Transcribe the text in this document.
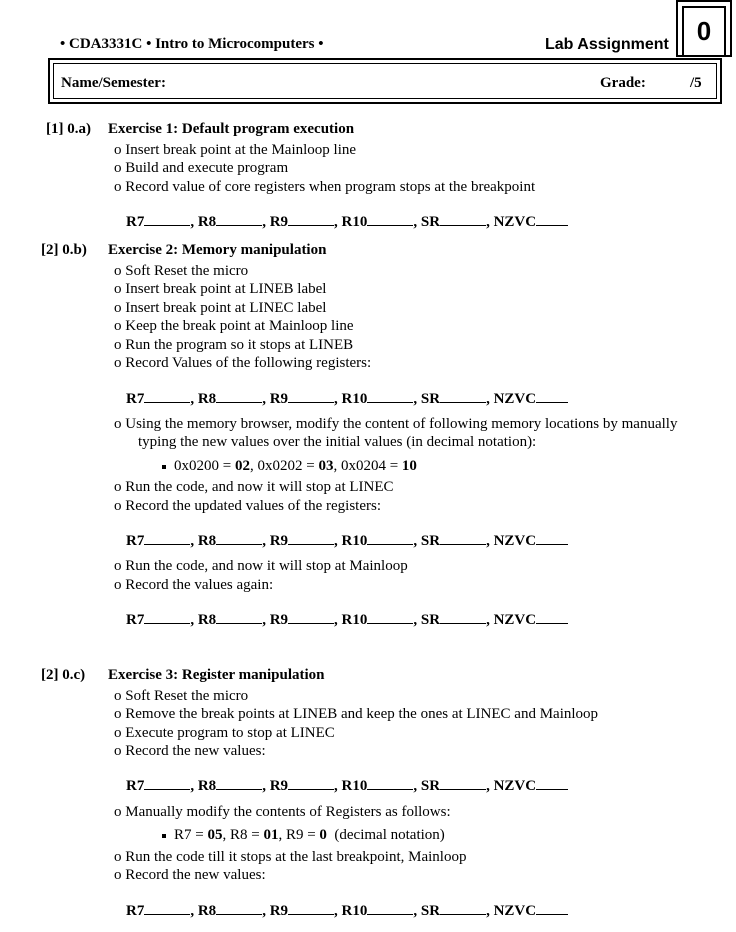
• CDA3331C • Intro to Microcomputers •	Lab Assignment	0
Name/Semester:	Grade:	/5
[1] 0.a) Exercise 1: Default program execution
o Insert break point at the Mainloop line
o Build and execute program
o Record value of core registers when program stops at the breakpoint
R7	, R8	, R9	, R10	, SR	, NZVC
[2] 0.b) Exercise 2: Memory manipulation
o Soft Reset the micro
o Insert break point at LINEB label
o Insert break point at LINEC label
o Keep the break point at Mainloop line
o Run the program so it stops at LINEB
o Record Values of the following registers:
R7	, R8	, R9	, R10	, SR	, NZVC
o Using the memory browser, modify the content of following memory locations by manually
typing the new values over the initial values (in decimal notation):
0x0200 = 02, 0x0202 = 03, 0x0204 = 10
o Run the code, and now it will stop at LINEC
o Record the updated values of the registers:
R7	, R8	, R9	, R10	, SR	, NZVC
o Run the code, and now it will stop at Mainloop
o Record the values again:
R7	, R8	, R9	, R10	, SR	, NZVC
[2] 0.c) Exercise 3: Register manipulation
o Soft Reset the micro
o Remove the break points at LINEB and keep the ones at LINEC and Mainloop
o Execute program to stop at LINEC
o Record the new values:
R7	, R8	, R9	, R10	, SR	, NZVC
o Manually modify the contents of Registers as follows:
R7 = 05, R8 = 01, R9 = 0  (decimal notation)
o Run the code till it stops at the last breakpoint, Mainloop
o Record the new values:
R7	, R8	, R9	, R10	, SR	, NZVC
